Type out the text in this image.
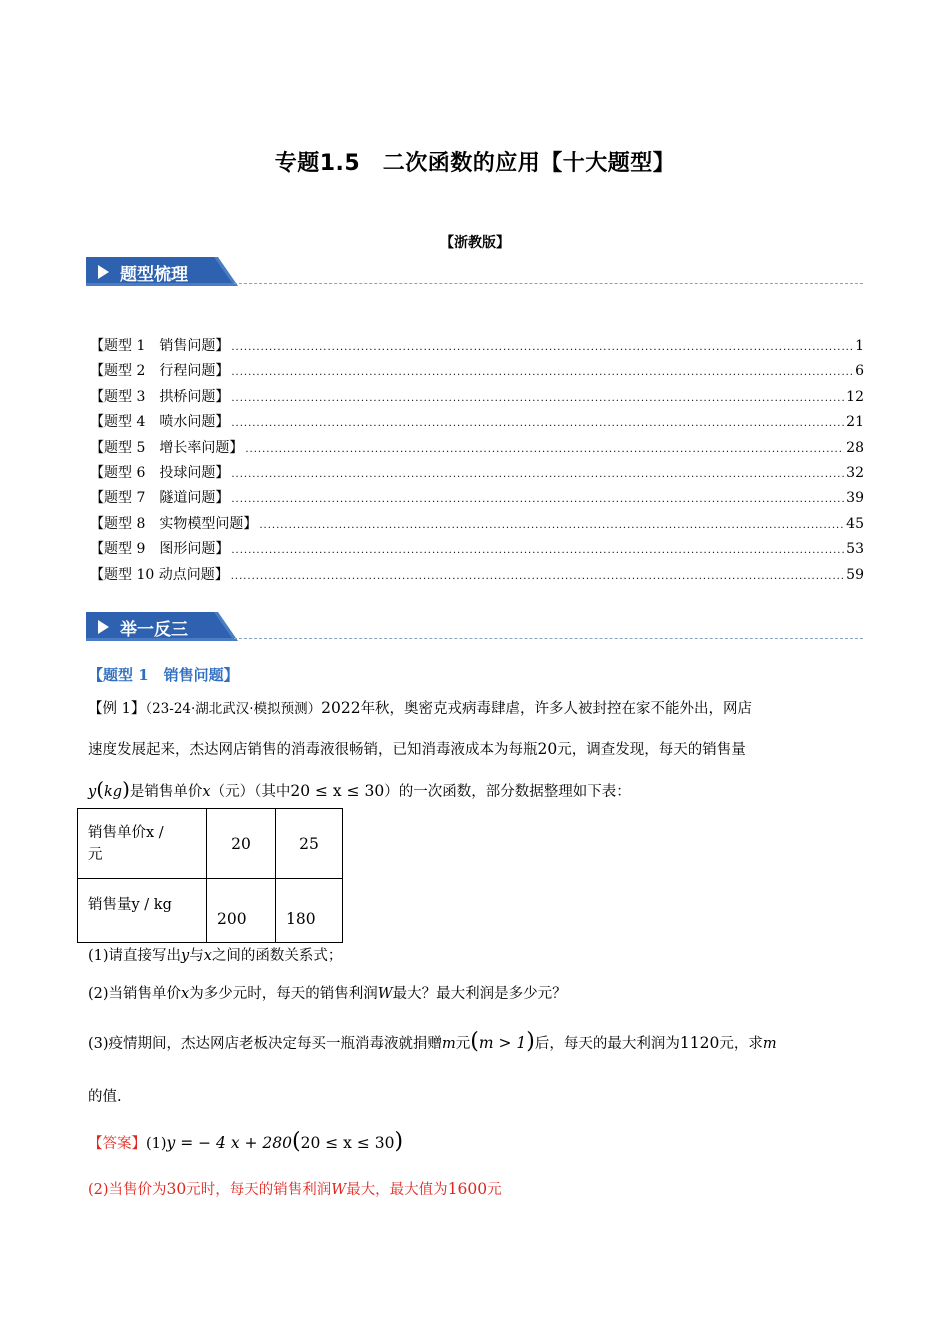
专题1.5　二次函数的应用【十大题型】
【浙教版】
题型梳理
【题型 1　销售问题】 .....	1
【题型 2　行程问题】 .....	6
【题型 3　拱桥问题】 .....	12
【题型 4　喷水问题】 .....	21
【题型 5　增长率问题】 .....	28
【题型 6　投球问题】 .....	32
【题型 7　隧道问题】 .....	39
【题型 8　实物模型问题】 .....	45
【题型 9　图形问题】 .....	53
【题型 10 动点问题】 .....	59
举一反三
【题型 1　销售问题】
【例 1】（23-24·湖北武汉·模拟预测）2022年秋，奥密克戎病毒肆虐，许多人被封控在家不能外出，网店
速度发展起来，杰达网店销售的消毒液很畅销，已知消毒液成本为每瓶20元，调查发现，每天的销售量
y(kg)是销售单价x（元）（其中20 ≤ x ≤ 30）的一次函数，部分数据整理如下表：
销售单价x /
元	20	25
销售量y / kg	200	180
(1)请直接写出y与x之间的函数关系式；
(2)当销售单价x为多少元时，每天的销售利润W最大？最大利润是多少元？
(3)疫情期间，杰达网店老板决定每买一瓶消毒液就捐赠m元(m > 1)后，每天的最大利润为1120元，求m
的值.
【答案】(1)y = − 4 x + 280(20 ≤ x ≤ 30)
(2)当售价为30元时，每天的销售利润W最大，最大值为1600元
